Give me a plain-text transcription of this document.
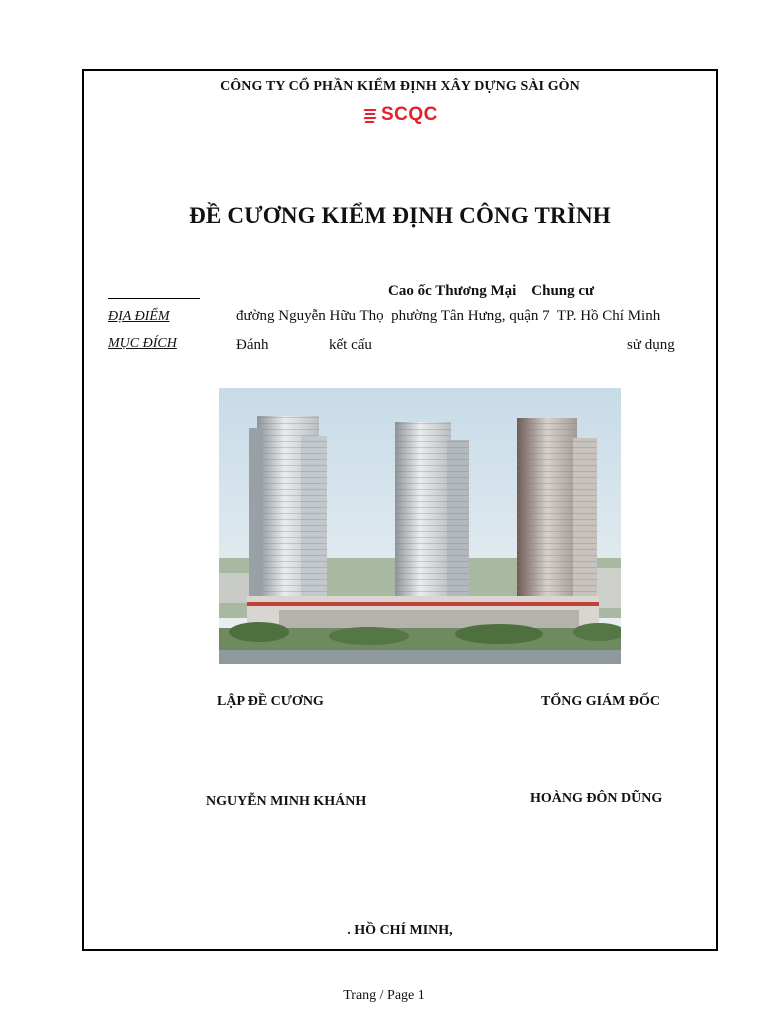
CÔNG TY CỔ PHẦN KIỂM ĐỊNH XÂY DỰNG SÀI GÒN
SCQC
ĐỀ CƯƠNG KIỂM ĐỊNH CÔNG TRÌNH
Cao ốc Thương Mại    Chung cư
ĐỊA ĐIỂM	đường Nguyễn Hữu Thọ  phường Tân Hưng, quận 7  TP. Hồ Chí Minh
MỤC ĐÍCH	Đánh	kết cấu	sử dụng
LẬP ĐỀ CƯƠNG	TỔNG GIÁM ĐỐC
NGUYỄN MINH KHÁNH	HOÀNG ĐÔN DŨNG
. HỒ CHÍ MINH,
Trang / Page 1
